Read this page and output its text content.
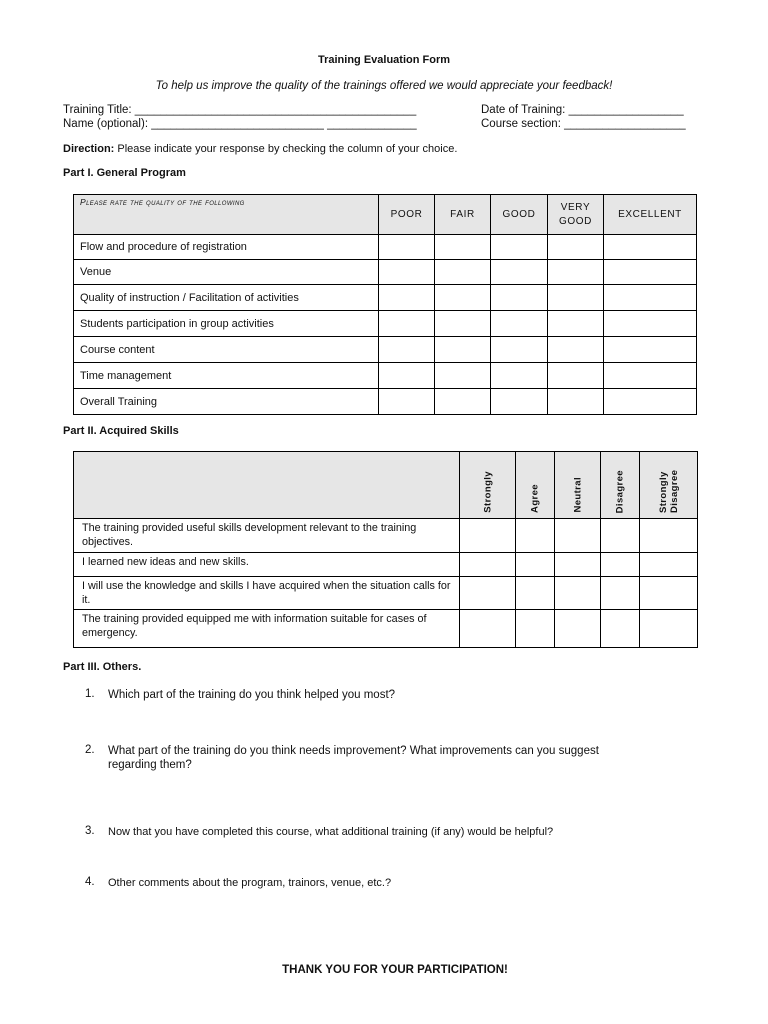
Training Evaluation Form
To help us improve the quality of the trainings offered we would appreciate your feedback!
Training Title: ____________________________________________
Name (optional): ___________________________ ______________
Date of Training: __________________
Course section: ___________________
Direction: Please indicate your response by checking the column of your choice.
Part I. General Program
Please rate the quality of the following	POOR	FAIR	GOOD	VERY GOOD	EXCELLENT
Flow and procedure of registration					
Venue					
Quality of instruction / Facilitation of activities					
Students participation in group activities					
Course content					
Time management					
Overall Training					
Part II. Acquired Skills

	Strongly	Agree	Neutral	Disagree	Strongly Disagree

The training provided useful skills development relevant to the training objectives.					
I learned new ideas and new skills.					
I will use the knowledge and skills I have acquired when the situation calls for it.					
The training provided equipped me with information suitable for cases of emergency.					
Part III. Others.
1. Which part of the training do you think helped you most?
2. What part of the training do you think needs improvement? What improvements can you suggest
regarding them?
3. Now that you have completed this course, what additional training (if any) would be helpful?
4. Other comments about the program, trainors, venue, etc.?
THANK YOU FOR YOUR PARTICIPATION!
